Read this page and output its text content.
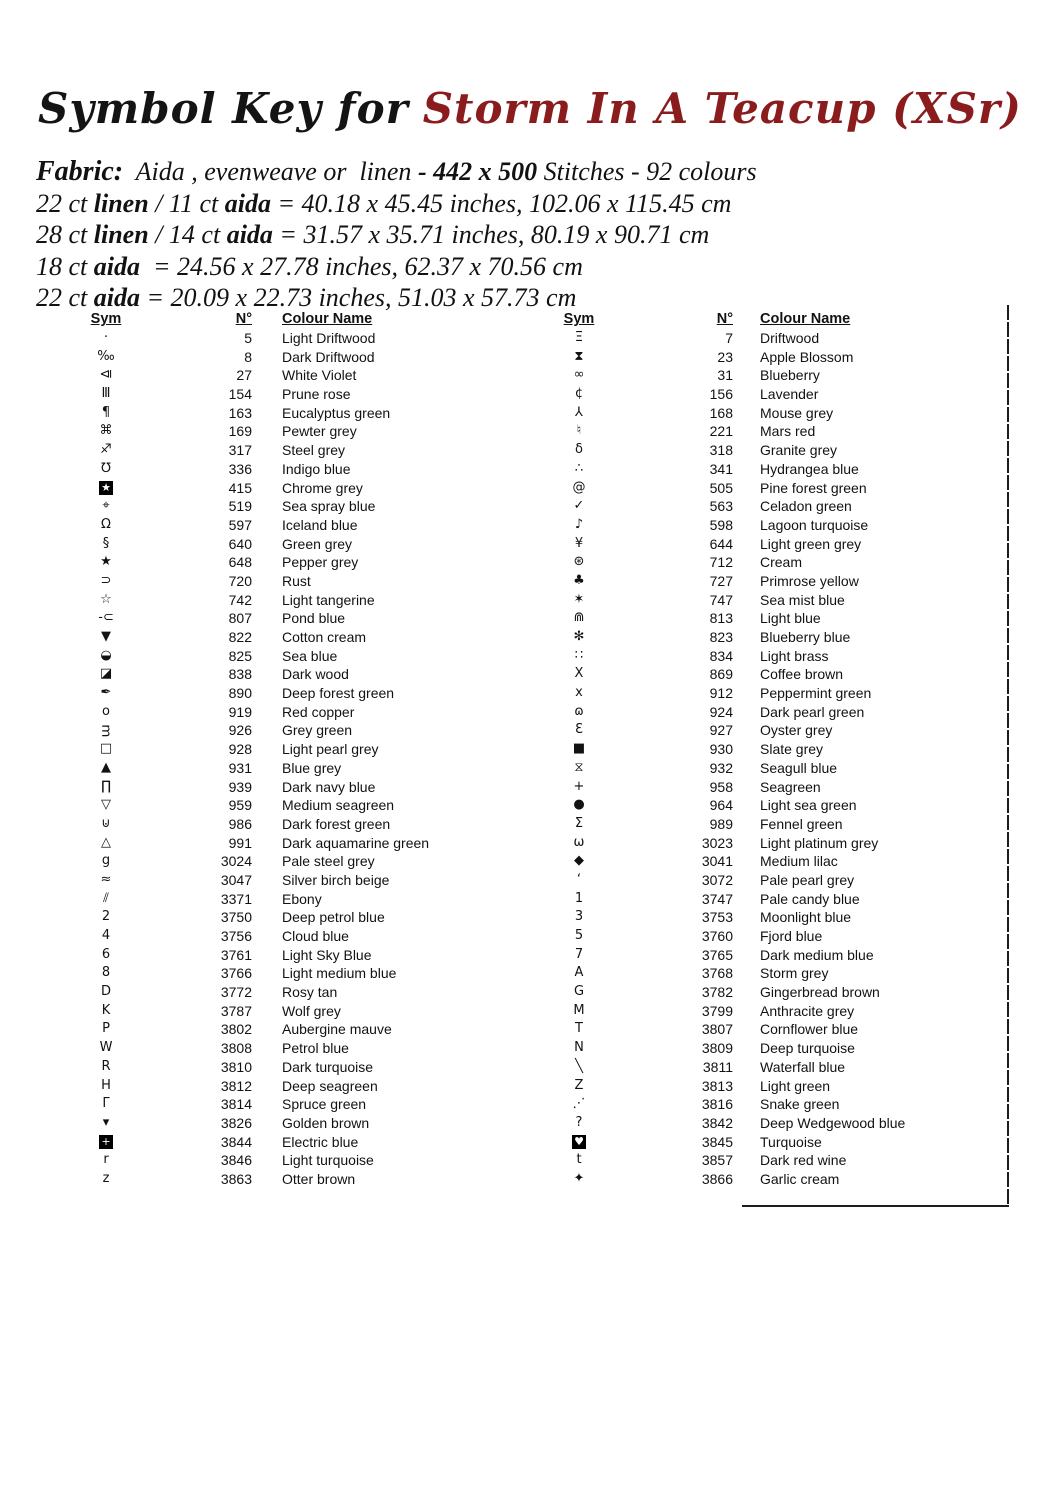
Symbol Key for Storm In A Teacup (XSr)
Fabric:  Aida , evenweave or  linen - 442 x 500 Stitches - 92 colours
22 ct linen / 11 ct aida = 40.18 x 45.45 inches, 102.06 x 115.45 cm
28 ct linen / 14 ct aida = 31.57 x 35.71 inches, 80.19 x 90.71 cm
18 ct aida  = 24.56 x 27.78 inches, 62.37 x 70.56 cm
22 ct aida = 20.09 x 22.73 inches, 51.03 x 57.73 cm
Sym	N°	Colour Name
·	5	Light Driftwood
‰	8	Dark Driftwood
⧏	27	White Violet
Ⅲ	154	Prune rose
¶	163	Eucalyptus green
⌘	169	Pewter grey
♐	317	Steel grey
℧	336	Indigo blue
★	415	Chrome grey
⌖	519	Sea spray blue
Ω	597	Iceland blue
§	640	Green grey
★	648	Pepper grey
⊃	720	Rust
☆	742	Light tangerine
-⊂	807	Pond blue
▼	822	Cotton cream
◒	825	Sea blue
◪	838	Dark wood
✒	890	Deep forest green
o	919	Red copper
ᴟ	926	Grey green
□	928	Light pearl grey
▲	931	Blue grey
∏	939	Dark navy blue
▽	959	Medium seagreen
⊍	986	Dark forest green
△	991	Dark aquamarine green
g	3024	Pale steel grey
≈	3047	Silver birch beige
⫽	3371	Ebony
2	3750	Deep petrol blue
4	3756	Cloud blue
6	3761	Light Sky Blue
8	3766	Light medium blue
D	3772	Rosy tan
K	3787	Wolf grey
P	3802	Aubergine mauve
W	3808	Petrol blue
R	3810	Dark turquoise
H	3812	Deep seagreen
Γ	3814	Spruce green
▾	3826	Golden brown
+	3844	Electric blue
r	3846	Light turquoise
z	3863	Otter brown
Sym	N°	Colour Name
Ξ	7	Driftwood
⧗	23	Apple Blossom
∞	31	Blueberry
¢	156	Lavender
⅄	168	Mouse grey
♮	221	Mars red
δ	318	Granite grey
∴	341	Hydrangea blue
@	505	Pine forest green
✓	563	Celadon green
♪	598	Lagoon turquoise
¥	644	Light green grey
⊛	712	Cream
♣	727	Primrose yellow
✶	747	Sea mist blue
⋒	813	Light blue
✻	823	Blueberry blue
∷	834	Light brass
Ⅹ	869	Coffee brown
x	912	Peppermint green
ɷ	924	Dark pearl green
Ɛ	927	Oyster grey
■	930	Slate grey
⧖	932	Seagull blue
+	958	Seagreen
●	964	Light sea green
Σ	989	Fennel green
ω	3023	Light platinum grey
◆	3041	Medium lilac
ʻ	3072	Pale pearl grey
1	3747	Pale candy blue
3	3753	Moonlight blue
5	3760	Fjord blue
7	3765	Dark medium blue
A	3768	Storm grey
G	3782	Gingerbread brown
M	3799	Anthracite grey
T	3807	Cornflower blue
N	3809	Deep turquoise
╲	3811	Waterfall blue
Z	3813	Light green
⋰	3816	Snake green
?	3842	Deep Wedgewood blue
♥	3845	Turquoise
t	3857	Dark red wine
✦	3866	Garlic cream
